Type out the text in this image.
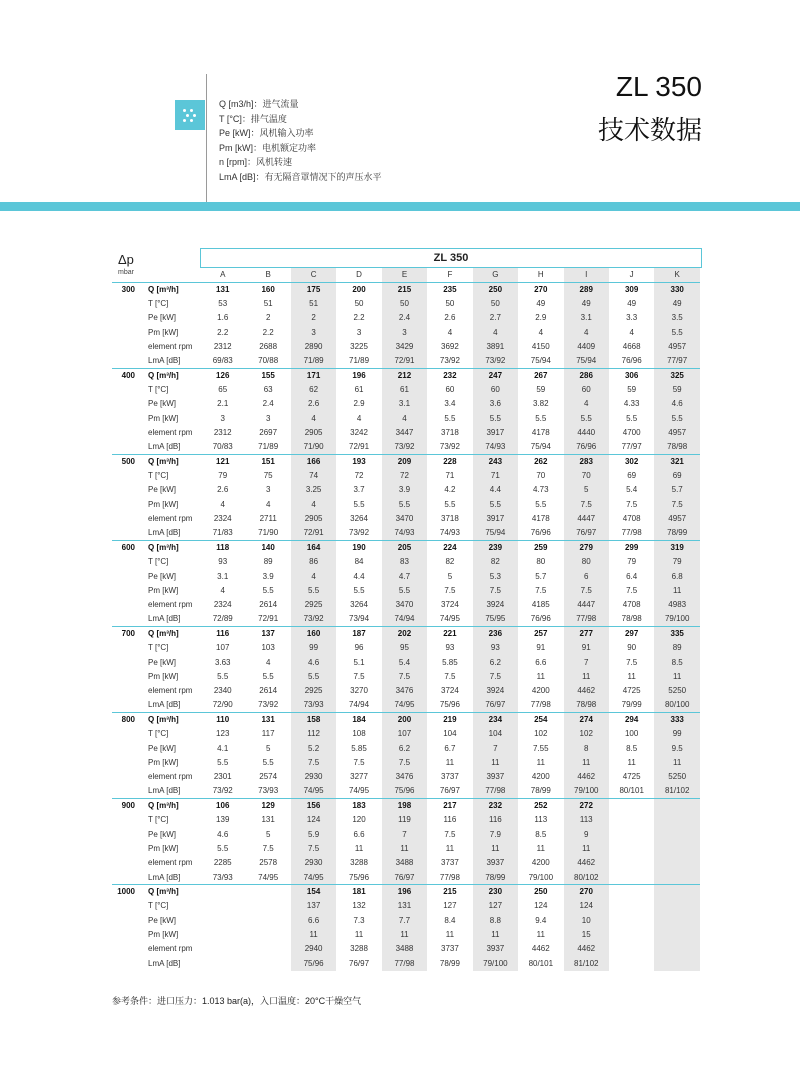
Q [m3/h]：进气流量
T [°C]：排气温度
Pe [kW]：风机输入功率
Pm [kW]：电机额定功率
n [rpm]：风机转速
LmA [dB]：有无隔音罩情况下的声压水平
ZL 350
技术数据
Δp
mbar
ZL 350
		A	B	C	D	E	F	G	H	I	J	K
300	Q [m³/h]	131	160	175	200	215	235	250	270	289	309	330
	T [°C]	53	51	51	50	50	50	50	49	49	49	49
	Pe [kW]	1.6	2	2	2.2	2.4	2.6	2.7	2.9	3.1	3.3	3.5
	Pm [kW]	2.2	2.2	3	3	3	4	4	4	4	4	5.5
	element rpm	2312	2688	2890	3225	3429	3692	3891	4150	4409	4668	4957
	LmA [dB]	69/83	70/88	71/89	71/89	72/91	73/92	73/92	75/94	75/94	76/96	77/97
400	Q [m³/h]	126	155	171	196	212	232	247	267	286	306	325
	T [°C]	65	63	62	61	61	60	60	59	60	59	59
	Pe [kW]	2.1	2.4	2.6	2.9	3.1	3.4	3.6	3.82	4	4.33	4.6
	Pm [kW]	3	3	4	4	4	5.5	5.5	5.5	5.5	5.5	5.5
	element rpm	2312	2697	2905	3242	3447	3718	3917	4178	4440	4700	4957
	LmA [dB]	70/83	71/89	71/90	72/91	73/92	73/92	74/93	75/94	76/96	77/97	78/98
500	Q [m³/h]	121	151	166	193	209	228	243	262	283	302	321
	T [°C]	79	75	74	72	72	71	71	70	70	69	69
	Pe [kW]	2.6	3	3.25	3.7	3.9	4.2	4.4	4.73	5	5.4	5.7
	Pm [kW]	4	4	4	5.5	5.5	5.5	5.5	5.5	7.5	7.5	7.5
	element rpm	2324	2711	2905	3264	3470	3718	3917	4178	4447	4708	4957
	LmA [dB]	71/83	71/90	72/91	73/92	74/93	74/93	75/94	76/96	76/97	77/98	78/99
600	Q [m³/h]	118	140	164	190	205	224	239	259	279	299	319
	T [°C]	93	89	86	84	83	82	82	80	80	79	79
	Pe [kW]	3.1	3.9	4	4.4	4.7	5	5.3	5.7	6	6.4	6.8
	Pm [kW]	4	5.5	5.5	5.5	5.5	7.5	7.5	7.5	7.5	7.5	11
	element rpm	2324	2614	2925	3264	3470	3724	3924	4185	4447	4708	4983
	LmA [dB]	72/89	72/91	73/92	73/94	74/94	74/95	75/95	76/96	77/98	78/98	79/100
700	Q [m³/h]	116	137	160	187	202	221	236	257	277	297	335
	T [°C]	107	103	99	96	95	93	93	91	91	90	89
	Pe [kW]	3.63	4	4.6	5.1	5.4	5.85	6.2	6.6	7	7.5	8.5
	Pm [kW]	5.5	5.5	5.5	7.5	7.5	7.5	7.5	11	11	11	11
	element rpm	2340	2614	2925	3270	3476	3724	3924	4200	4462	4725	5250
	LmA [dB]	72/90	73/92	73/93	74/94	74/95	75/96	76/97	77/98	78/98	79/99	80/100
800	Q [m³/h]	110	131	158	184	200	219	234	254	274	294	333
	T [°C]	123	117	112	108	107	104	104	102	102	100	99
	Pe [kW]	4.1	5	5.2	5.85	6.2	6.7	7	7.55	8	8.5	9.5
	Pm [kW]	5.5	5.5	7.5	7.5	7.5	11	11	11	11	11	11
	element rpm	2301	2574	2930	3277	3476	3737	3937	4200	4462	4725	5250
	LmA [dB]	73/92	73/93	74/95	74/95	75/96	76/97	77/98	78/99	79/100	80/101	81/102
900	Q [m³/h]	106	129	156	183	198	217	232	252	272		
	T [°C]	139	131	124	120	119	116	116	113	113		
	Pe [kW]	4.6	5	5.9	6.6	7	7.5	7.9	8.5	9		
	Pm [kW]	5.5	7.5	7.5	11	11	11	11	11	11		
	element rpm	2285	2578	2930	3288	3488	3737	3937	4200	4462		
	LmA [dB]	73/93	74/95	74/95	75/96	76/97	77/98	78/99	79/100	80/102		
1000	Q [m³/h]			154	181	196	215	230	250	270		
	T [°C]			137	132	131	127	127	124	124		
	Pe [kW]			6.6	7.3	7.7	8.4	8.8	9.4	10		
	Pm [kW]			11	11	11	11	11	11	15		
	element rpm			2940	3288	3488	3737	3937	4462	4462		
	LmA [dB]			75/96	76/97	77/98	78/99	79/100	80/101	81/102		
参考条件：进口压力：1.013 bar(a)，入口温度：20°C干燥空气
